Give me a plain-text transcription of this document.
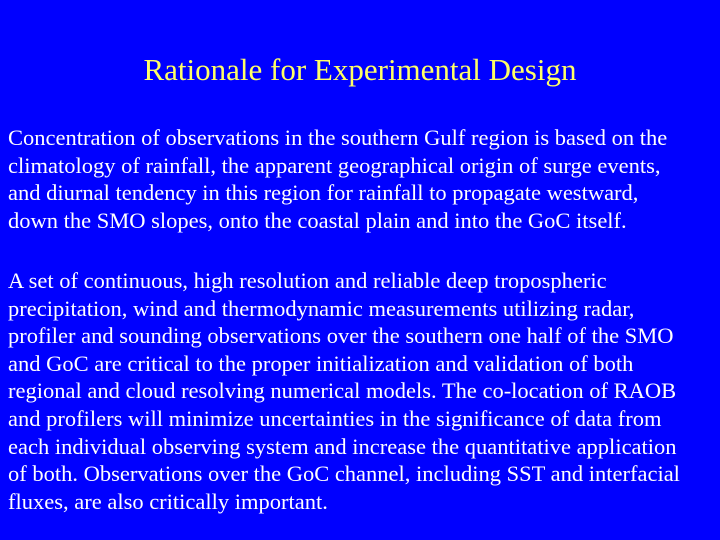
Rationale for Experimental Design
Concentration of observations in the southern Gulf region is based on the
climatology of rainfall, the apparent geographical origin of surge events,
and diurnal tendency in this region for rainfall to propagate westward,
down the SMO slopes, onto the coastal plain and into the GoC itself.
A set of continuous, high resolution and reliable deep tropospheric
precipitation, wind and thermodynamic measurements utilizing radar,
profiler and sounding observations over the southern one half of the SMO
and GoC are critical to the proper initialization and validation of both
regional and cloud resolving numerical models. The co-location of RAOB
and profilers will minimize uncertainties in the significance of data from
each individual observing system and increase the quantitative application
of both. Observations over the GoC channel, including SST and interfacial
fluxes, are also critically important.
